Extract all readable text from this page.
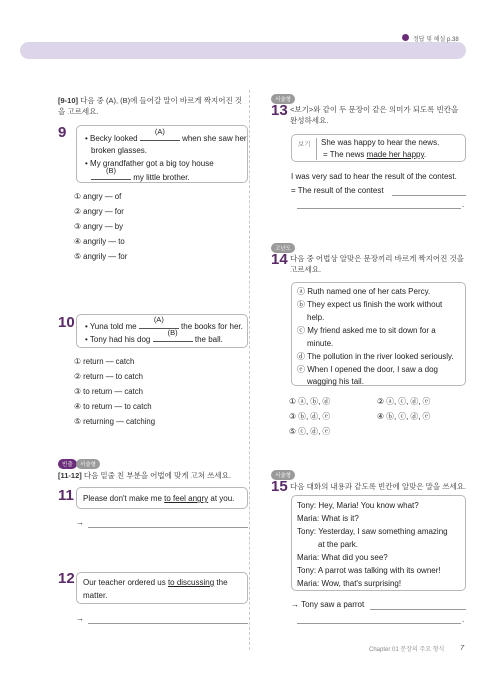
정답 및 해설 p.38
[9-10] 다음 중 (A), (B)에 들어갈 말이 바르게 짝지어진 것을 고르세요.
9 • Becky looked
(A)
when she saw her
broken glasses.
• My grandfather got a big toy house
(B)
my little brother.
① angry — of
② angry — for
③ angry — by
④ angrily — to
⑤ angrily — for
10 • Yuna told me
(A)
the books for her.
• Tony had his dog
(B)
the ball.
① return — catch
② return — to catch
③ to return — catch
④ to return — to catch
⑤ returning — catching
빈출	서술형
[11-12] 다음 밑줄 친 부분을 어법에 맞게 고쳐 쓰세요.
11 Please don't make me to feel angry at you.
→
12 Our teacher ordered us to discussing the
matter.
→
서술형
13 <보기>와 같이 두 문장이 같은 의미가 되도록 빈칸을 완성하세요.
보기 She was happy to hear the news.
= The news made her happy.
I was very sad to hear the result of the contest.
= The result of the contest
.
고난도
14 다음 중 어법상 알맞은 문장끼리 바르게 짝지어진 것을 고르세요.
ⓐ Ruth named one of her cats Percy.
ⓑ They expect us finish the work without
help.
ⓒ My friend asked me to sit down for a
minute.
ⓓ The pollution in the river looked seriously.
ⓔ When I opened the door, I saw a dog
wagging his tail.
① ⓐ, ⓑ, ⓓ	② ⓐ, ⓒ, ⓓ, ⓔ
③ ⓑ, ⓓ, ⓔ	④ ⓑ, ⓒ, ⓓ, ⓔ
⑤ ⓒ, ⓓ, ⓔ
서술형
15 다음 대화의 내용과 같도록 빈칸에 알맞은 말을 쓰세요.
Tony: Hey, Maria! You know what?
Maria: What is it?
Tony: Yesterday, I saw something amazing
at the park.
Maria: What did you see?
Tony: A parrot was talking with its owner!
Maria: Wow, that's surprising!
→ Tony saw a parrot
.
Chapter 01 문장의 주요 형식 7
